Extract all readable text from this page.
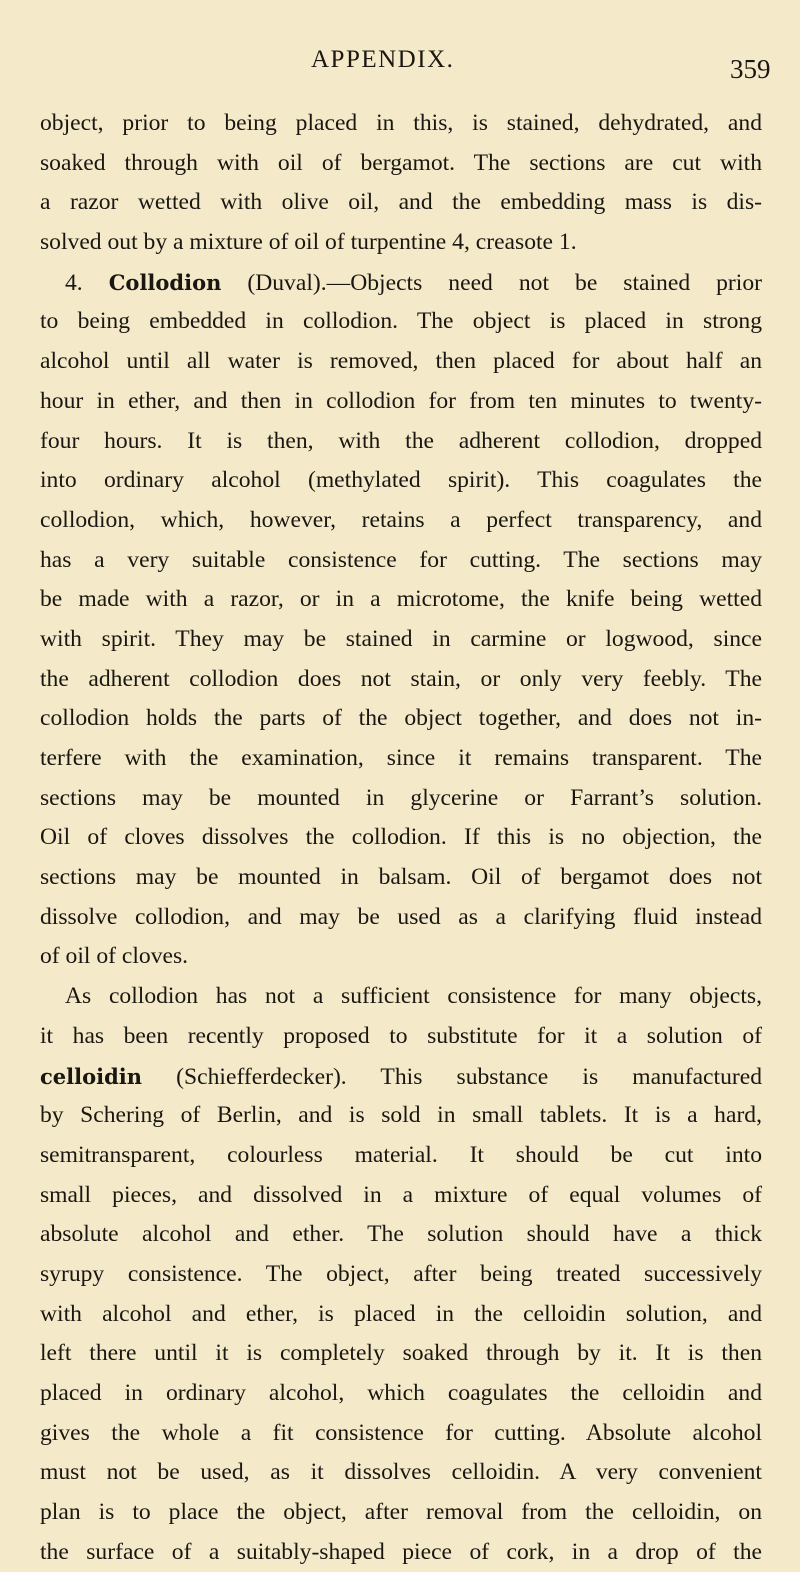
APPENDIX.	359
object, prior to being placed in this, is stained, dehydrated, and
soaked through with oil of bergamot. The sections are cut with
a razor wetted with olive oil, and the embedding mass is dis-
solved out by a mixture of oil of turpentine 4, creasote 1.
4. Collodion (Duval).—Objects need not be stained prior
to being embedded in collodion. The object is placed in strong
alcohol until all water is removed, then placed for about half an
hour in ether, and then in collodion for from ten minutes to twenty-
four hours. It is then, with the adherent collodion, dropped
into ordinary alcohol (methylated spirit). This coagulates the
collodion, which, however, retains a perfect transparency, and
has a very suitable consistence for cutting. The sections may
be made with a razor, or in a microtome, the knife being wetted
with spirit. They may be stained in carmine or logwood, since
the adherent collodion does not stain, or only very feebly. The
collodion holds the parts of the object together, and does not in-
terfere with the examination, since it remains transparent. The
sections may be mounted in glycerine or Farrant’s solution.
Oil of cloves dissolves the collodion. If this is no objection, the
sections may be mounted in balsam. Oil of bergamot does not
dissolve collodion, and may be used as a clarifying fluid instead
of oil of cloves.
As collodion has not a sufficient consistence for many objects,
it has been recently proposed to substitute for it a solution of
celloidin (Schiefferdecker). This substance is manufactured
by Schering of Berlin, and is sold in small tablets. It is a hard,
semitransparent, colourless material. It should be cut into
small pieces, and dissolved in a mixture of equal volumes of
absolute alcohol and ether. The solution should have a thick
syrupy consistence. The object, after being treated successively
with alcohol and ether, is placed in the celloidin solution, and
left there until it is completely soaked through by it. It is then
placed in ordinary alcohol, which coagulates the celloidin and
gives the whole a fit consistence for cutting. Absolute alcohol
must not be used, as it dissolves celloidin. A very convenient
plan is to place the object, after removal from the celloidin, on
the surface of a suitably-shaped piece of cork, in a drop of the
